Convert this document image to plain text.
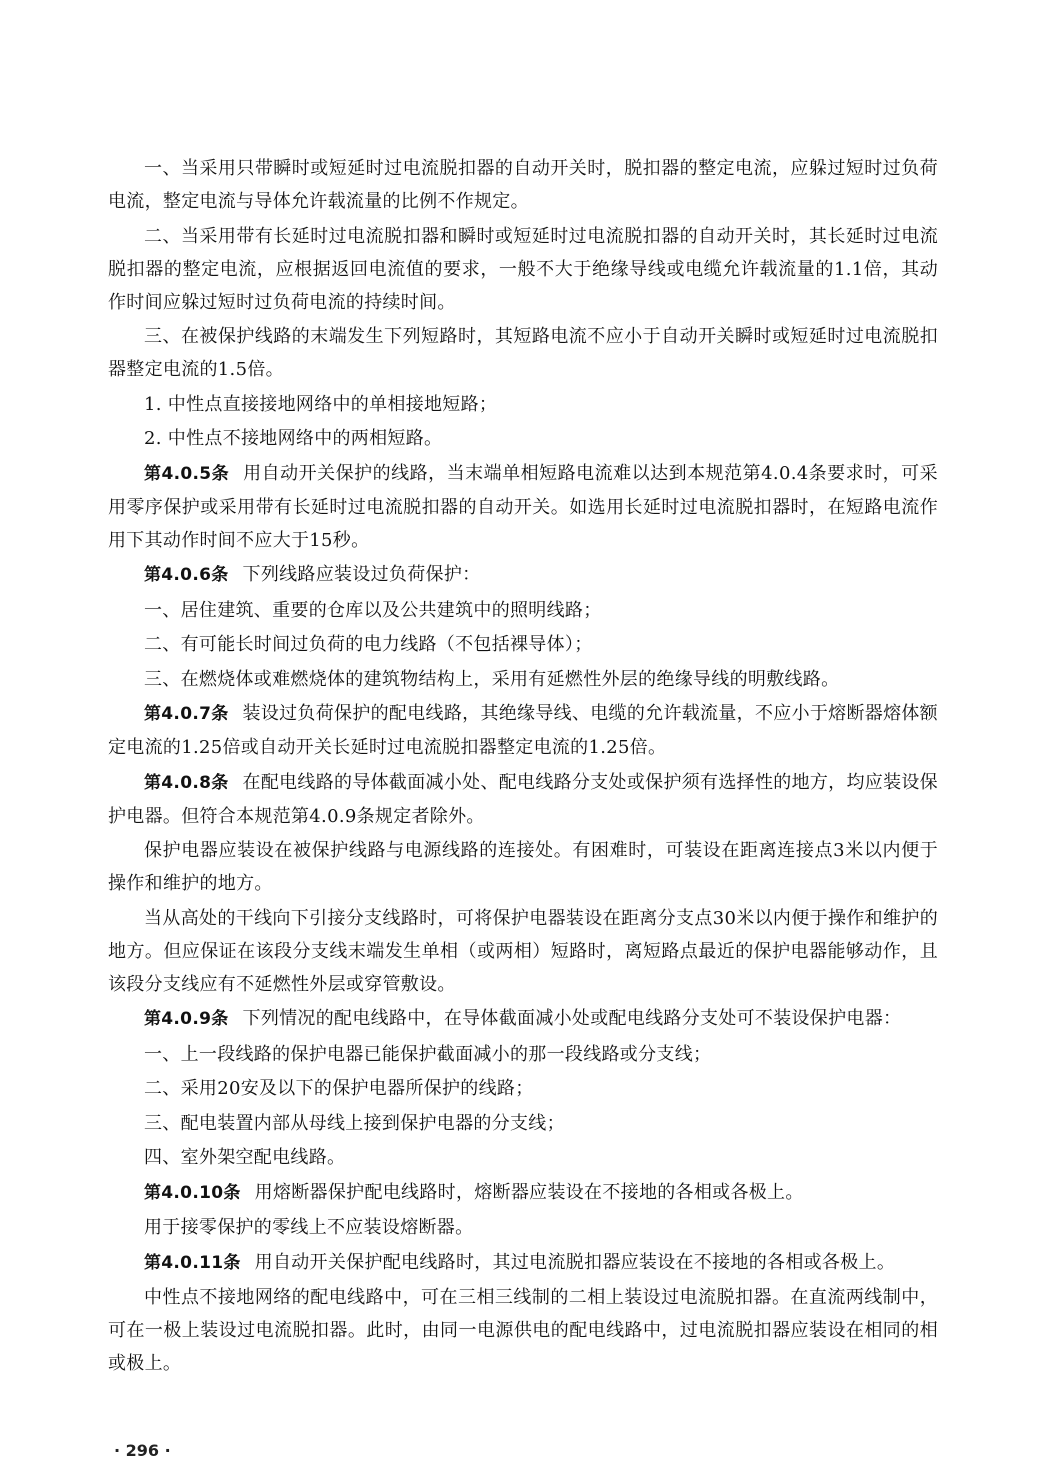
一、当采用只带瞬时或短延时过电流脱扣器的自动开关时，脱扣器的整定电流，应躲过短时过负荷电流，整定电流与导体允许载流量的比例不作规定。

二、当采用带有长延时过电流脱扣器和瞬时或短延时过电流脱扣器的自动开关时，其长延时过电流脱扣器的整定电流，应根据返回电流值的要求，一般不大于绝缘导线或电缆允许载流量的1.1倍，其动作时间应躲过短时过负荷电流的持续时间。

三、在被保护线路的末端发生下列短路时，其短路电流不应小于自动开关瞬时或短延时过电流脱扣器整定电流的1.5倍。

1. 中性点直接接地网络中的单相接地短路；

2. 中性点不接地网络中的两相短路。

第4.0.5条 用自动开关保护的线路，当末端单相短路电流难以达到本规范第4.0.4条要求时，可采用零序保护或采用带有长延时过电流脱扣器的自动开关。如选用长延时过电流脱扣器时，在短路电流作用下其动作时间不应大于15秒。

第4.0.6条 下列线路应装设过负荷保护：

一、居住建筑、重要的仓库以及公共建筑中的照明线路；

二、有可能长时间过负荷的电力线路（不包括裸导体）；

三、在燃烧体或难燃烧体的建筑物结构上，采用有延燃性外层的绝缘导线的明敷线路。

第4.0.7条 装设过负荷保护的配电线路，其绝缘导线、电缆的允许载流量，不应小于熔断器熔体额定电流的1.25倍或自动开关长延时过电流脱扣器整定电流的1.25倍。

第4.0.8条 在配电线路的导体截面减小处、配电线路分支处或保护须有选择性的地方，均应装设保护电器。但符合本规范第4.0.9条规定者除外。

保护电器应装设在被保护线路与电源线路的连接处。有困难时，可装设在距离连接点3米以内便于操作和维护的地方。

当从高处的干线向下引接分支线路时，可将保护电器装设在距离分支点30米以内便于操作和维护的地方。但应保证在该段分支线末端发生单相（或两相）短路时，离短路点最近的保护电器能够动作，且该段分支线应有不延燃性外层或穿管敷设。

第4.0.9条 下列情况的配电线路中，在导体截面减小处或配电线路分支处可不装设保护电器：

一、上一段线路的保护电器已能保护截面减小的那一段线路或分支线；

二、采用20安及以下的保护电器所保护的线路；

三、配电装置内部从母线上接到保护电器的分支线；

四、室外架空配电线路。

第4.0.10条 用熔断器保护配电线路时，熔断器应装设在不接地的各相或各极上。

用于接零保护的零线上不应装设熔断器。

第4.0.11条 用自动开关保护配电线路时，其过电流脱扣器应装设在不接地的各相或各极上。

中性点不接地网络的配电线路中，可在三相三线制的二相上装设过电流脱扣器。在直流两线制中，可在一极上装设过电流脱扣器。此时，由同一电源供电的配电线路中，过电流脱扣器应装设在相同的相或极上。

· 296 ·
